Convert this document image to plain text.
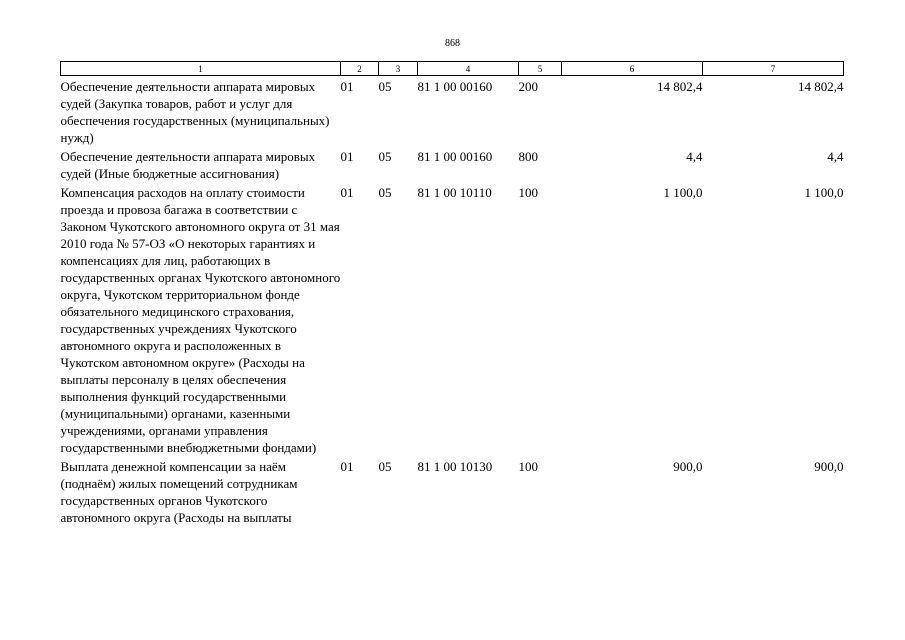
868
1	2	3	4	5	6	7
Обеспечение деятельности аппарата мировых судей (Закупка товаров, работ и услуг для обеспечения государственных (муниципальных) нужд)	01	05	81 1 00 00160	200	14 802,4	14 802,4
Обеспечение деятельности аппарата мировых судей (Иные бюджетные ассигнования)	01	05	81 1 00 00160	800	4,4	4,4
Компенсация расходов на оплату стоимости проезда и провоза багажа в соответствии с Законом Чукотского автономного округа от 31 мая 2010 года № 57-ОЗ «О некоторых гарантиях и компенсациях для лиц, работающих в государственных органах Чукотского автономного округа, Чукотском территориальном фонде обязательного медицинского страхования, государственных учреждениях Чукотского автономного округа и расположенных в Чукотском автономном округе» (Расходы на выплаты персоналу в целях обеспечения выполнения функций государственными (муниципальными) органами, казенными учреждениями, органами управления государственными внебюджетными фондами)	01	05	81 1 00 10110	100	1 100,0	1 100,0
Выплата денежной компенсации за наём (поднаём) жилых помещений сотрудникам государственных органов Чукотского автономного округа (Расходы на выплаты	01	05	81 1 00 10130	100	900,0	900,0
